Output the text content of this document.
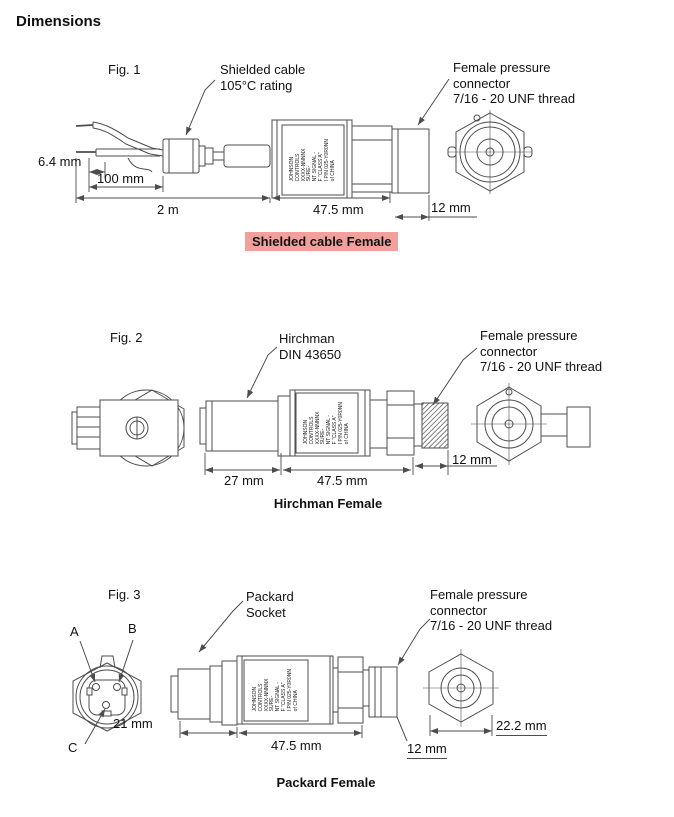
Dimensions
Fig. 1	Shielded cable
105°C rating
Female pressure
connector
7/16 - 20 UNF thread
6.4 mm
100 mm
2 m	47.5 mm	12 mm
Shielded cable Female
JOHNSON CONTROLS XXXX-NNNNX SURE- NT SIGNAL - F "CLASS A" I P/N 025-Y0R0NN of CHINA
Fig. 2	Hirchman
DIN 43650
Female pressure
connector
7/16 - 20 UNF thread
27 mm	47.5 mm
12 mm
Hirchman Female
JOHNSON CONTROLS XXXX-NNNNX SURE- NT SIGNAL - F "CLASS A" I P/N 025-Y0R0NN of CHINA
Fig. 3	Packard
Socket
Female pressure
connector
7/16 - 20 UNF thread
A	B
C
21 mm
47.5 mm	12 mm
22.2 mm
Packard Female
JOHNSON CONTROLS XXXX-NNNNX SURE- NT SIGNAL - F "CLASS A" I P/N 025-Y0R0NN of CHINA
